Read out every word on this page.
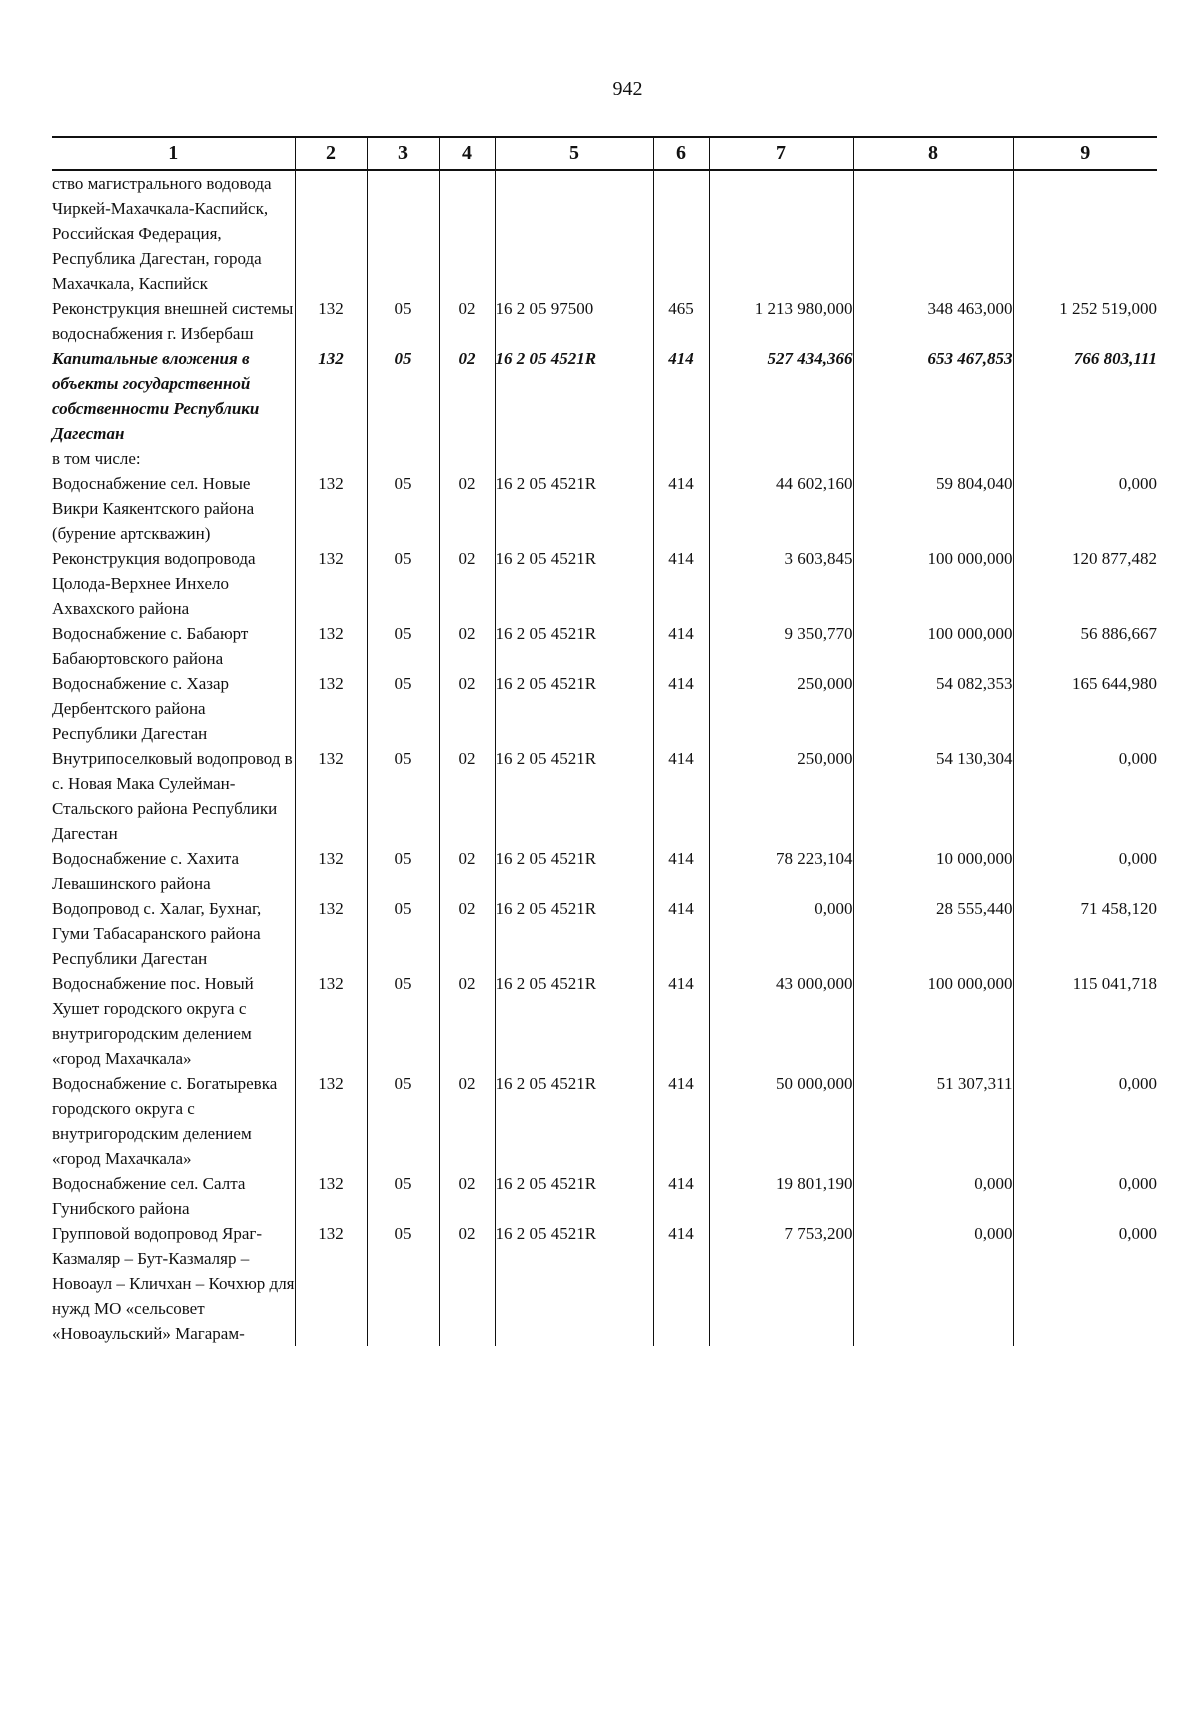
942
1	2	3	4	5	6	7	8	9
ство магистрального водовода Чиркей-Махачкала-Каспийск, Российская Федерация, Республика Дагестан, города Махачкала, Каспийск								
Реконструкция внешней системы водоснабжения г. Избербаш	132	05	02	16 2 05 97500	465	1 213 980,000	348 463,000	1 252 519,000
Капитальные вложения в объекты государственной собственности Республики Дагестан	132	05	02	16 2 05 4521R	414	527 434,366	653 467,853	766 803,111
в том числе:								
Водоснабжение сел. Новые Викри Каякентского района (бурение артскважин)	132	05	02	16 2 05 4521R	414	44 602,160	59 804,040	0,000
Реконструкция водопровода Цолода-Верхнее Инхело Ахвахского района	132	05	02	16 2 05 4521R	414	3 603,845	100 000,000	120 877,482
Водоснабжение с. Бабаюрт Бабаюртовского района	132	05	02	16 2 05 4521R	414	9 350,770	100 000,000	56 886,667
Водоснабжение с. Хазар Дербентского района Республики Дагестан	132	05	02	16 2 05 4521R	414	250,000	54 082,353	165 644,980
Внутрипоселковый водопровод в с. Новая Мака Сулейман-Стальского района Республики Дагестан	132	05	02	16 2 05 4521R	414	250,000	54 130,304	0,000
Водоснабжение с. Хахита Левашинского района	132	05	02	16 2 05 4521R	414	78 223,104	10 000,000	0,000
Водопровод с. Халаг, Бухнаг, Гуми Табасаранского района Республики Дагестан	132	05	02	16 2 05 4521R	414	0,000	28 555,440	71 458,120
Водоснабжение пос. Новый Хушет городского округа с внутригородским делением «город Махачкала»	132	05	02	16 2 05 4521R	414	43 000,000	100 000,000	115 041,718
Водоснабжение с. Богатыревка городского округа с внутригородским делением «город Махачкала»	132	05	02	16 2 05 4521R	414	50 000,000	51 307,311	0,000
Водоснабжение сел. Салта Гунибского района	132	05	02	16 2 05 4521R	414	19 801,190	0,000	0,000
Групповой водопровод Яраг-Казмаляр – Бут-Казмаляр – Новоаул – Кличхан – Кочхюр для нужд МО «сельсовет «Новоаульский» Магарам-	132	05	02	16 2 05 4521R	414	7 753,200	0,000	0,000
